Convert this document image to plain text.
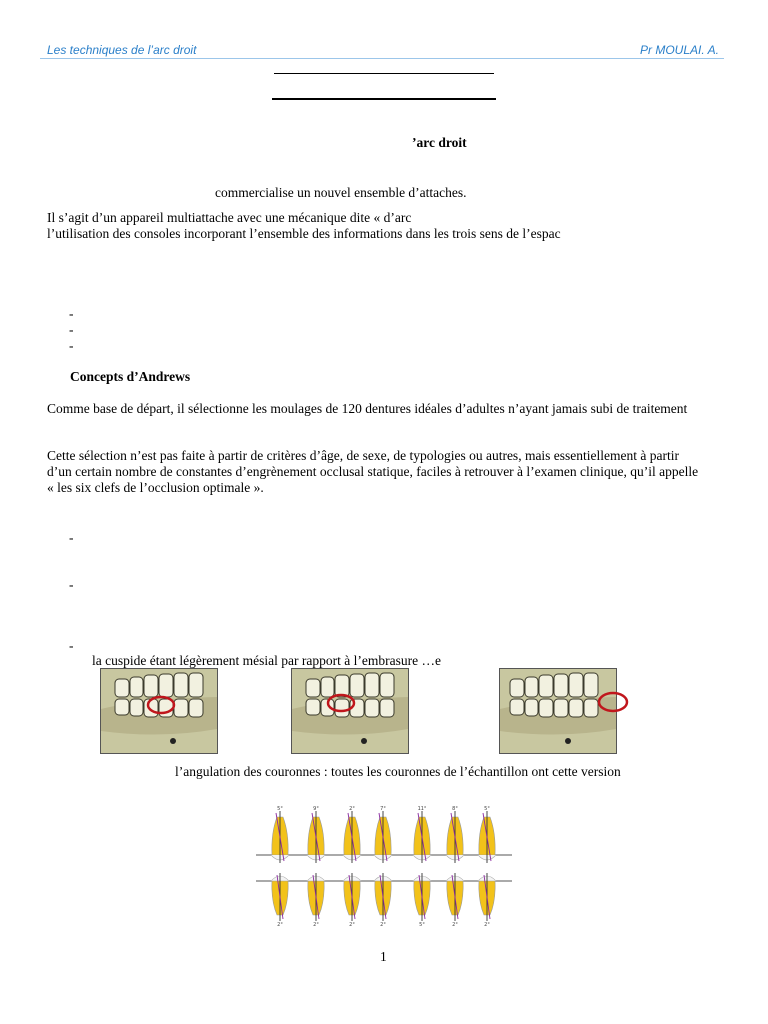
Les techniques de l’arc droit	Pr MOULAI. A.
’arc droit
commercialise un nouvel ensemble d’attaches.
Il s’agit d’un appareil multiattache avec une mécanique dite « d’arc
l’utilisation des consoles incorporant l’ensemble des informations dans les trois sens de l’espac
-
-
-
Concepts d’Andrews
Comme base de départ, il sélectionne les moulages de 120 dentures idéales d’adultes n’ayant jamais subi de traitement
Cette sélection n’est pas faite à partir de critères d’âge, de sexe, de typologies ou autres, mais essentiellement à partir
d’un certain nombre de constantes d’engrènement occlusal statique, faciles à retrouver à l’examen clinique, qu’il appelle
« les six clefs de l’occlusion optimale ».
-
-
-
la cuspide étant légèrement mésial par rapport à l’embrasure …e
l’angulation des couronnes : toutes les couronnes de l’échantillon ont cette version
5°	9°	2°	7°	11°	8°	5°
2°	2°	2°	2°	5°	2°	2°
1
